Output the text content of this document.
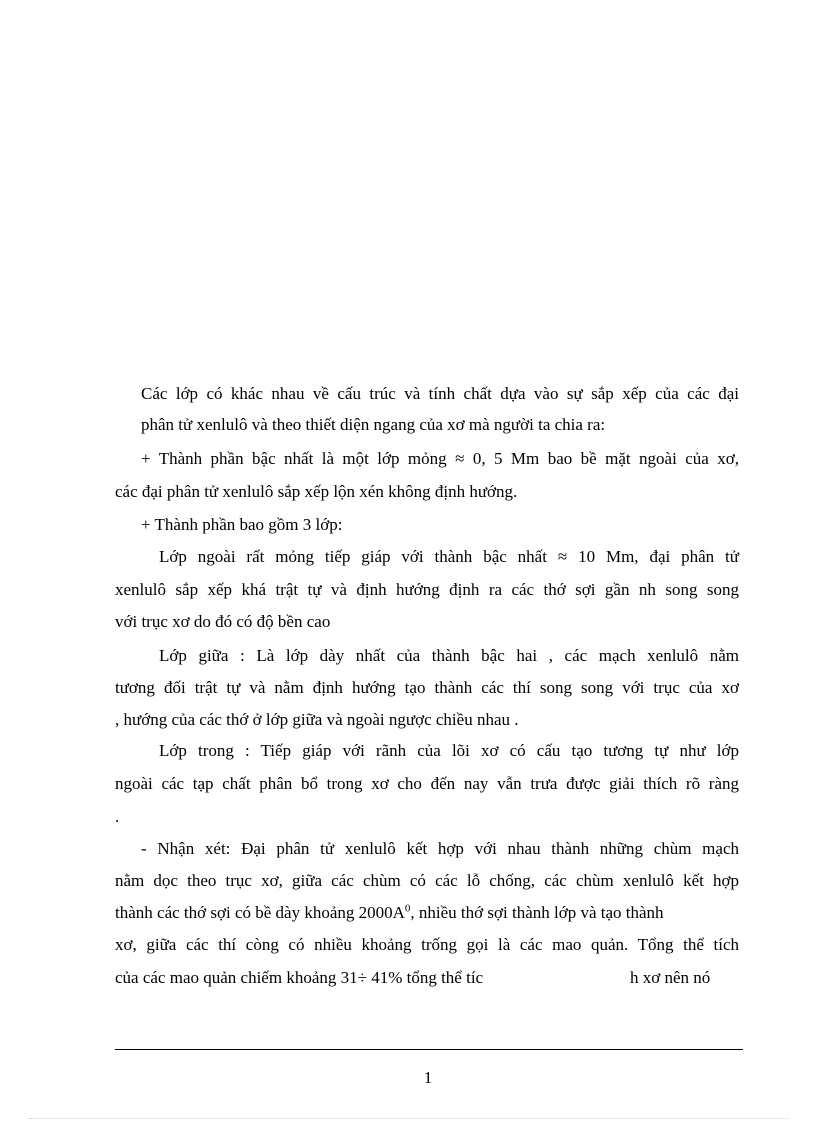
Các lớp có khác nhau về cấu trúc và tính chất dựa vào sự sắp xếp của các đại
phân tử xenlulô và theo thiết diện ngang của xơ mà người ta chia ra:
+ Thành phần bậc nhất là một lớp mỏng ≈ 0, 5 Mm bao bề mặt ngoài của xơ,
các đại phân tử xenlulô sắp xếp lộn xén không định hướng.
+ Thành phần bao gồm 3 lớp:
Lớp ngoài rất mỏng tiếp giáp với thành bậc nhất ≈ 10 Mm, đại phân tử
xenlulô sắp xếp khá trật tự và định hướng định ra các thớ sợi gần nh song song
với trục xơ do đó có độ bền cao
Lớp giữa : Là lớp dày nhất của thành bậc hai , các mạch xenlulô nằm
tương đối trật tự và nằm định hướng tạo thành các thí song song với trục của xơ
, hướng của các thớ ở lớp giữa và ngoài ngược chiều nhau .
Lớp trong : Tiếp giáp với rãnh của lõi xơ có cấu tạo tương tự như lớp
ngoài các tạp chất phân bổ trong xơ cho đến nay vẫn trưa được giải thích rõ ràng
.
- Nhận xét: Đại phân tử xenlulô kết hợp với nhau thành những chùm mạch
nằm dọc theo trục xơ, giữa các chùm có các lỗ chống, các chùm xenlulô kết hợp
thành các thớ sợi có bề dày khoảng $2000A^0$, nhiều thớ sợi thành lớp và tạo thành
xơ, giữa các thí còng có nhiều khoảng trống gọi là các mao quản. Tổng thể tích
của các mao quản chiếm khoảng 31÷ 41% tổng thể tíc	h xơ nên nó
1
